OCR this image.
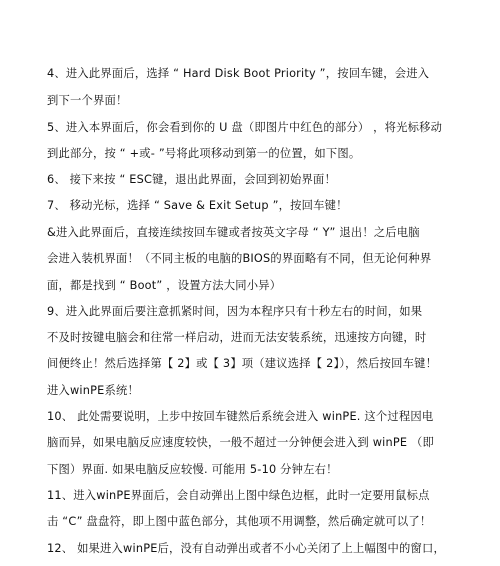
4、进入此界面后，选择 “ Hard Disk Boot Priority ”，按回车键，会进入
到下一个界面！
5、进入本界面后，你会看到你的 U 盘（即图片中红色的部分） ，将光标移动
到此部分，按 “ +或- ”号将此项移动到第一的位置，如下图。
6、 接下来按 “ ESC键，退出此界面，会回到初始界面！
7、 移动光标，选择 “ Save & Exit Setup ”，按回车键！
&进入此界面后，直接连续按回车键或者按英文字母 “ Y” 退出！之后电脑
会进入装机界面！（不同主板的电脑的BIOS的界面略有不同，但无论何种界
面，都是找到 “ Boot” ，设置方法大同小异）
9、进入此界面后要注意抓紧时间，因为本程序只有十秒左右的时间，如果
不及时按键电脑会和往常一样启动，进而无法安装系统，迅速按方向键，时
间便终止！然后选择第【 2】或【 3】项（建议选择【 2】），然后按回车键！
进入winPE系统！
10、 此处需要说明，上步中按回车键然后系统会进入 winPE. 这个过程因电
脑而异，如果电脑反应速度较快，一般不超过一分钟便会进入到 winPE （即
下图）界面. 如果电脑反应较慢. 可能用 5-10 分钟左右！
11、进入winPE界面后，会自动弹出上图中绿色边框，此时一定要用鼠标点
击 “C” 盘盘符，即上图中蓝色部分，其他项不用调整，然后确定就可以了！
12、 如果进入winPE后，没有自动弹出或者不小心关闭了上上幅图中的窗口，
